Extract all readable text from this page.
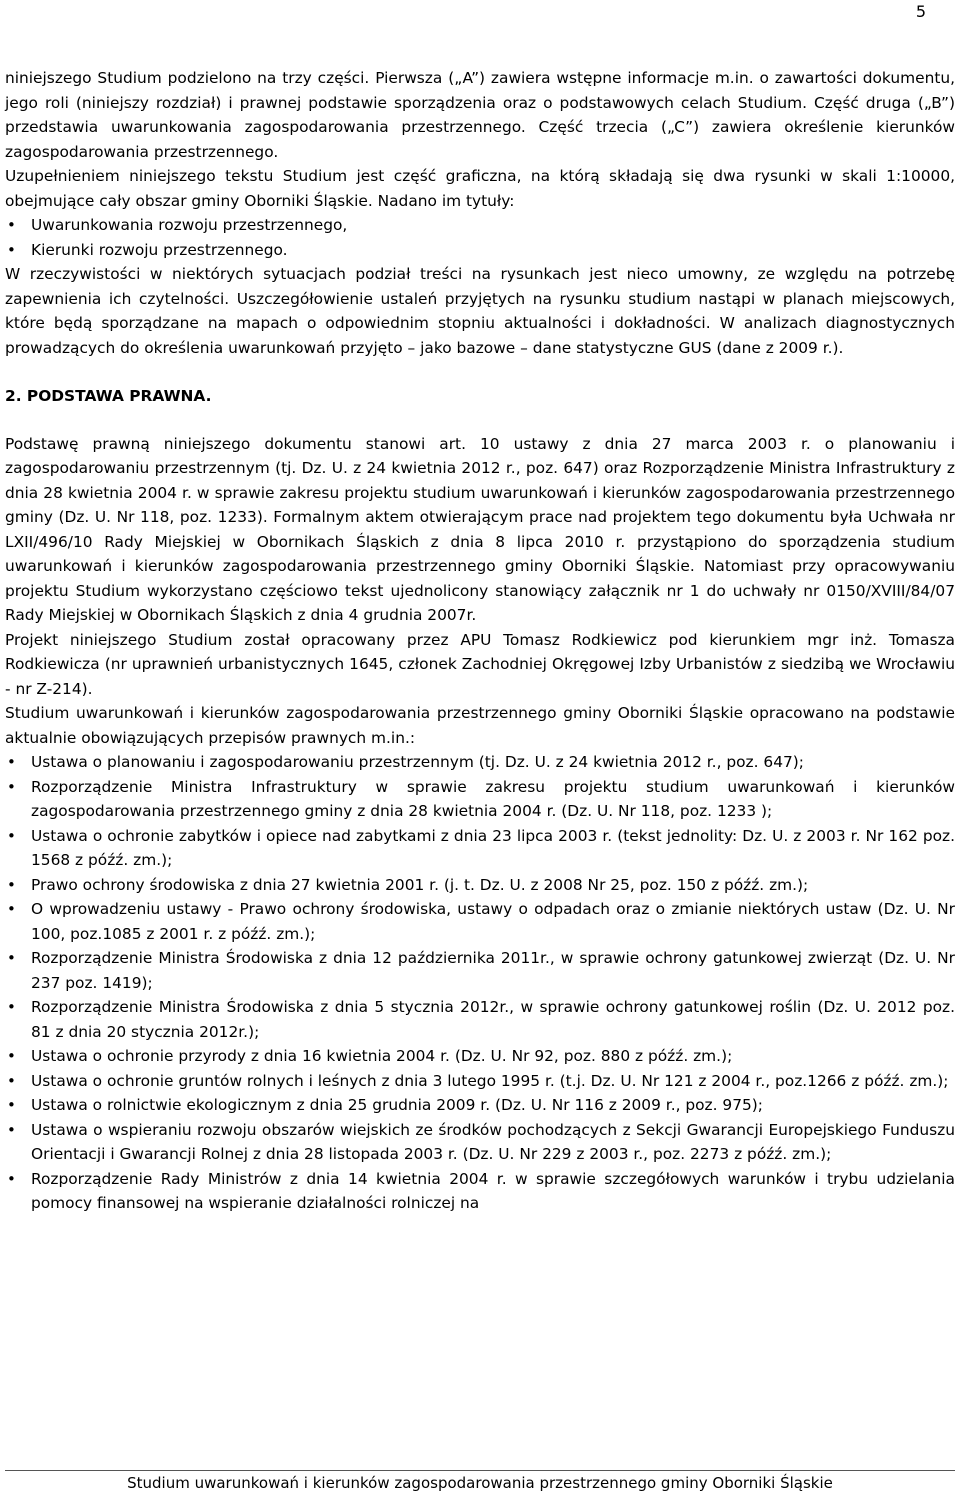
5

niniejszego Studium podzielono na trzy części. Pierwsza („A”) zawiera wstępne informacje m.in. o zawartości dokumentu, jego roli (niniejszy rozdział) i prawnej podstawie sporządzenia oraz o podstawowych celach Studium. Część druga („B”) przedstawia uwarunkowania zagospodarowania przestrzennego. Część trzecia („C”) zawiera określenie kierunków zagospodarowania przestrzennego.

Uzupełnieniem niniejszego tekstu Studium jest część graficzna, na którą składają się dwa rysunki w skali 1:10000, obejmujące cały obszar gminy Oborniki Śląskie. Nadano im tytuły:

• Uwarunkowania rozwoju przestrzennego,
• Kierunki rozwoju przestrzennego.

W rzeczywistości w niektórych sytuacjach podział treści na rysunkach jest nieco umowny, ze względu na potrzebę zapewnienia ich czytelności. Uszczegółowienie ustaleń przyjętych na rysunku studium nastąpi w planach miejscowych, które będą sporządzane na mapach o odpowiednim stopniu aktualności i dokładności. W analizach diagnostycznych prowadzących do określenia uwarunkowań przyjęto – jako bazowe – dane statystyczne GUS (dane z 2009 r.).

2. PODSTAWA PRAWNA.

Podstawę prawną niniejszego dokumentu stanowi art. 10 ustawy z dnia 27 marca 2003 r. o planowaniu i zagospodarowaniu przestrzennym (tj. Dz. U. z 24 kwietnia 2012 r., poz. 647) oraz Rozporządzenie Ministra Infrastruktury z dnia 28 kwietnia 2004 r. w sprawie zakresu projektu studium uwarunkowań i kierunków zagospodarowania przestrzennego gminy (Dz. U. Nr 118, poz. 1233). Formalnym aktem otwierającym prace nad projektem tego dokumentu była Uchwała nr LXII/496/10 Rady Miejskiej w Obornikach Śląskich z dnia 8 lipca 2010 r. przystąpiono do sporządzenia studium uwarunkowań i kierunków zagospodarowania przestrzennego gminy Oborniki Śląskie. Natomiast przy opracowywaniu projektu Studium wykorzystano częściowo tekst ujednolicony stanowiący załącznik nr 1 do uchwały nr 0150/XVIII/84/07 Rady Miejskiej w Obornikach Śląskich z dnia 4 grudnia 2007r.

Projekt niniejszego Studium został opracowany przez APU Tomasz Rodkiewicz pod kierunkiem mgr inż. Tomasza Rodkiewicza (nr uprawnień urbanistycznych 1645, członek Zachodniej Okręgowej Izby Urbanistów z siedzibą we Wrocławiu - nr Z-214).

Studium uwarunkowań i kierunków zagospodarowania przestrzennego gminy Oborniki Śląskie opracowano na podstawie aktualnie obowiązujących przepisów prawnych m.in.:

• Ustawa o planowaniu i zagospodarowaniu przestrzennym (tj. Dz. U. z 24 kwietnia 2012 r., poz. 647);
• Rozporządzenie Ministra Infrastruktury w sprawie zakresu projektu studium uwarunkowań i kierunków zagospodarowania przestrzennego gminy z dnia 28 kwietnia 2004 r. (Dz. U. Nr 118, poz. 1233 );
• Ustawa o ochronie zabytków i opiece nad zabytkami z dnia 23 lipca 2003 r. (tekst jednolity: Dz. U. z 2003 r. Nr 162 poz. 1568 z późź. zm.);
• Prawo ochrony środowiska z dnia 27 kwietnia 2001 r. (j. t. Dz. U. z 2008 Nr 25, poz. 150 z późź. zm.);
• O wprowadzeniu ustawy - Prawo ochrony środowiska, ustawy o odpadach oraz o zmianie niektórych ustaw (Dz. U. Nr 100, poz.1085 z 2001 r. z późź. zm.);
• Rozporządzenie Ministra Środowiska z dnia 12 października 2011r., w sprawie ochrony gatunkowej zwierząt (Dz. U. Nr 237 poz. 1419);
• Rozporządzenie Ministra Środowiska z dnia 5 stycznia 2012r., w sprawie ochrony gatunkowej roślin (Dz. U. 2012 poz. 81 z dnia 20 stycznia 2012r.);
• Ustawa o ochronie przyrody z dnia 16 kwietnia 2004 r. (Dz. U. Nr 92, poz. 880 z późź. zm.);
• Ustawa o ochronie gruntów rolnych i leśnych z dnia 3 lutego 1995 r. (t.j. Dz. U. Nr 121 z 2004 r., poz.1266 z późź. zm.);
• Ustawa o rolnictwie ekologicznym z dnia 25 grudnia 2009 r. (Dz. U. Nr 116 z 2009 r., poz. 975);
• Ustawa o wspieraniu rozwoju obszarów wiejskich ze środków pochodzących z Sekcji Gwarancji Europejskiego Funduszu Orientacji i Gwarancji Rolnej z dnia 28 listopada 2003 r. (Dz. U. Nr 229 z 2003 r., poz. 2273 z późź. zm.);
• Rozporządzenie Rady Ministrów z dnia 14 kwietnia 2004 r. w sprawie szczegółowych warunków i trybu udzielania pomocy finansowej na wspieranie działalności rolniczej na
Studium uwarunkowań i kierunków zagospodarowania przestrzennego gminy Oborniki Śląskie
